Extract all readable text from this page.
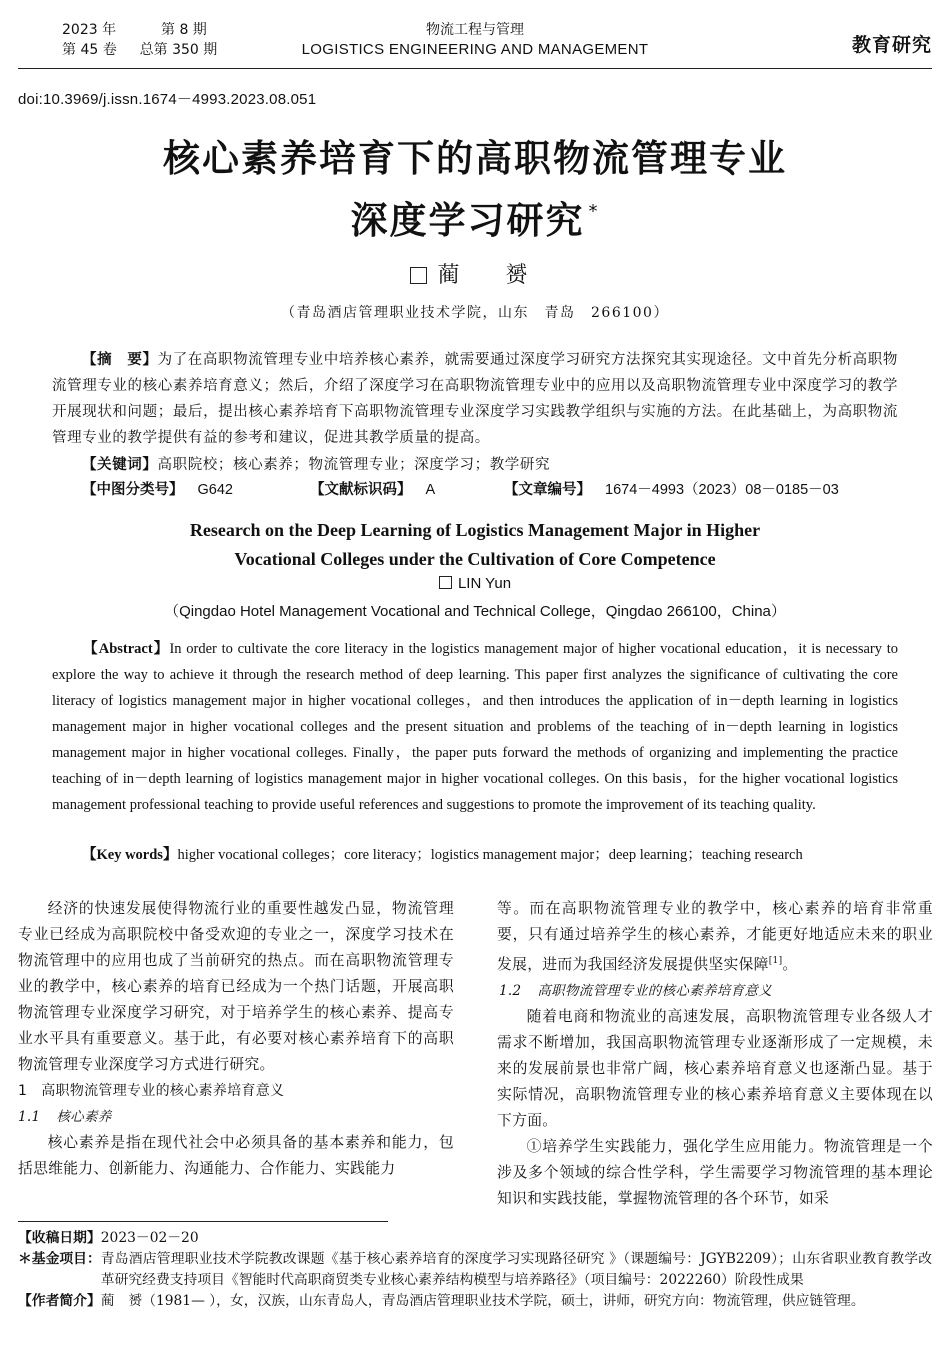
2023 年	第 8 期
第 45 卷 总第 350 期
物流工程与管理
LOGISTICS ENGINEERING AND MANAGEMENT	教育研究
doi:10.3969/j.issn.1674－4993.2023.08.051
核心素养培育下的高职物流管理专业
深度学习研究 *
蔺　赟
（青岛酒店管理职业技术学院，山东　青岛　266100）
【摘　要】为了在高职物流管理专业中培养核心素养，就需要通过深度学习研究方法探究其实现途径。文中首先分析高职物流管理专业的核心素养培育意义；然后，介绍了深度学习在高职物流管理专业中的应用以及高职物流管理专业中深度学习的教学开展现状和问题；最后，提出核心素养培育下高职物流管理专业深度学习实践教学组织与实施的方法。在此基础上，为高职物流管理专业的教学提供有益的参考和建议，促进其教学质量的提高。
【关键词】高职院校；核心素养；物流管理专业；深度学习；教学研究
【中图分类号】 G642	【文献标识码】 A	【文章编号】 1674－4993（2023）08－0185－03
Research on the Deep Learning of Logistics Management Major in Higher
Vocational Colleges under the Cultivation of Core Competence
LIN Yun
（Qingdao Hotel Management Vocational and Technical College，Qingdao 266100，China）
【Abstract】In order to cultivate the core literacy in the logistics management major of higher vocational education，it is necessary to explore the way to achieve it through the research method of deep learning. This paper first analyzes the significance of cultivating the core literacy of logistics management major in higher vocational colleges，and then introduces the application of in－depth learning in logistics management major in higher vocational colleges and the present situation and problems of the teaching of in－depth learning in logistics management major in higher vocational colleges. Finally，the paper puts forward the methods of organizing and implementing the practice teaching of in－depth learning of logistics management major in higher vocational colleges. On this basis，for the higher vocational logistics management professional teaching to provide useful references and suggestions to promote the improvement of its teaching quality.
【Key words】higher vocational colleges；core literacy；logistics management major；deep learning；teaching research

经济的快速发展使得物流行业的重要性越发凸显，物流管理专业已经成为高职院校中备受欢迎的专业之一，深度学习技术在物流管理中的应用也成了当前研究的热点。而在高职物流管理专业的教学中，核心素养的培育已经成为一个热门话题，开展高职物流管理专业深度学习研究，对于培养学生的核心素养、提高专业水平具有重要意义。基于此，有必要对核心素养培育下的高职物流管理专业深度学习方式进行研究。

1 高职物流管理专业的核心素养培育意义

1.1 核心素养

核心素养是指在现代社会中必须具备的基本素养和能力，包括思维能力、创新能力、沟通能力、合作能力、实践能力

等。而在高职物流管理专业的教学中，核心素养的培育非常重要，只有通过培养学生的核心素养，才能更好地适应未来的职业发展，进而为我国经济发展提供坚实保障[1]。

1.2 高职物流管理专业的核心素养培育意义

随着电商和物流业的高速发展，高职物流管理专业各级人才需求不断增加，我国高职物流管理专业逐渐形成了一定规模，未来的发展前景也非常广阔，核心素养培育意义也逐渐凸显。基于实际情况，高职物流管理专业的核心素养培育意义主要体现在以下方面。

①培养学生实践能力，强化学生应用能力。物流管理是一个涉及多个领域的综合性学科，学生需要学习物流管理的基本理论知识和实践技能，掌握物流管理的各个环节，如采

【收稿日期】 2023－02－20
＊基金项目： 青岛酒店管理职业技术学院教改课题《基于核心素养培育的深度学习实现路径研究 》（课题编号：JGYB2209）；山东省职业教育教学改革研究经费支持项目《智能时代高职商贸类专业核心素养结构模型与培养路径》（项目编号：2022260）阶段性成果
【作者简介】 蔺　赟（1981— ），女，汉族，山东青岛人，青岛酒店管理职业技术学院，硕士，讲师，研究方向：物流管理，供应链管理。
